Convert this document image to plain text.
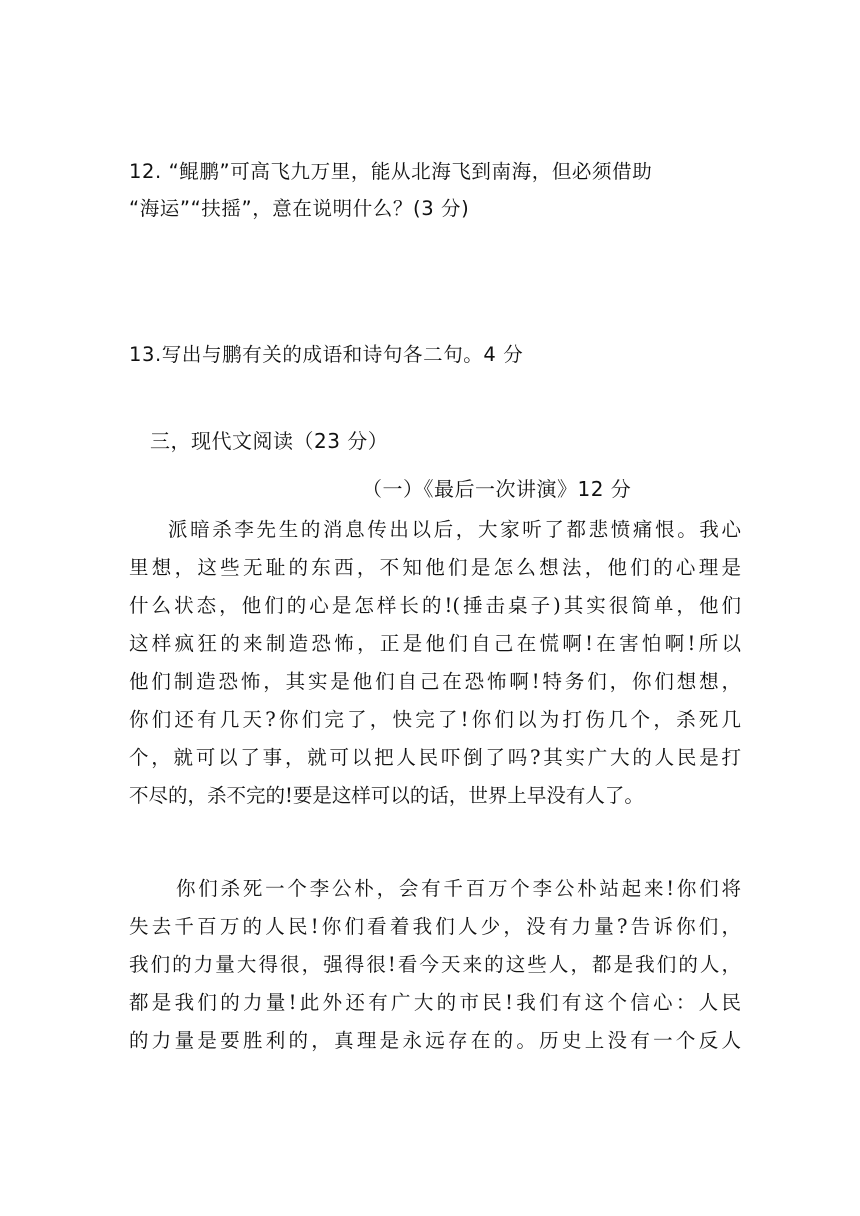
12. “鲲鹏”可高飞九万里，能从北海飞到南海，但必须借助
“海运”“扶摇”，意在说明什么？(3 分)
13.写出与鹏有关的成语和诗句各二句。4 分
三，现代文阅读（23 分）
（一）《最后一次讲演》12 分
派暗杀李先生的消息传出以后，大家听了都悲愤痛恨。我心
里想，这些无耻的东西，不知他们是怎么想法，他们的心理是
什么状态，他们的心是怎样长的!(捶击桌子)其实很简单，他们
这样疯狂的来制造恐怖，正是他们自己在慌啊!在害怕啊!所以
他们制造恐怖，其实是他们自己在恐怖啊!特务们，你们想想，
你们还有几天?你们完了，快完了!你们以为打伤几个，杀死几
个，就可以了事，就可以把人民吓倒了吗?其实广大的人民是打
不尽的，杀不完的!要是这样可以的话，世界上早没有人了。
你们杀死一个李公朴，会有千百万个李公朴站起来!你们将
失去千百万的人民!你们看着我们人少，没有力量?告诉你们，
我们的力量大得很，强得很!看今天来的这些人，都是我们的人，
都是我们的力量!此外还有广大的市民!我们有这个信心：人民
的力量是要胜利的，真理是永远存在的。历史上没有一个反人
